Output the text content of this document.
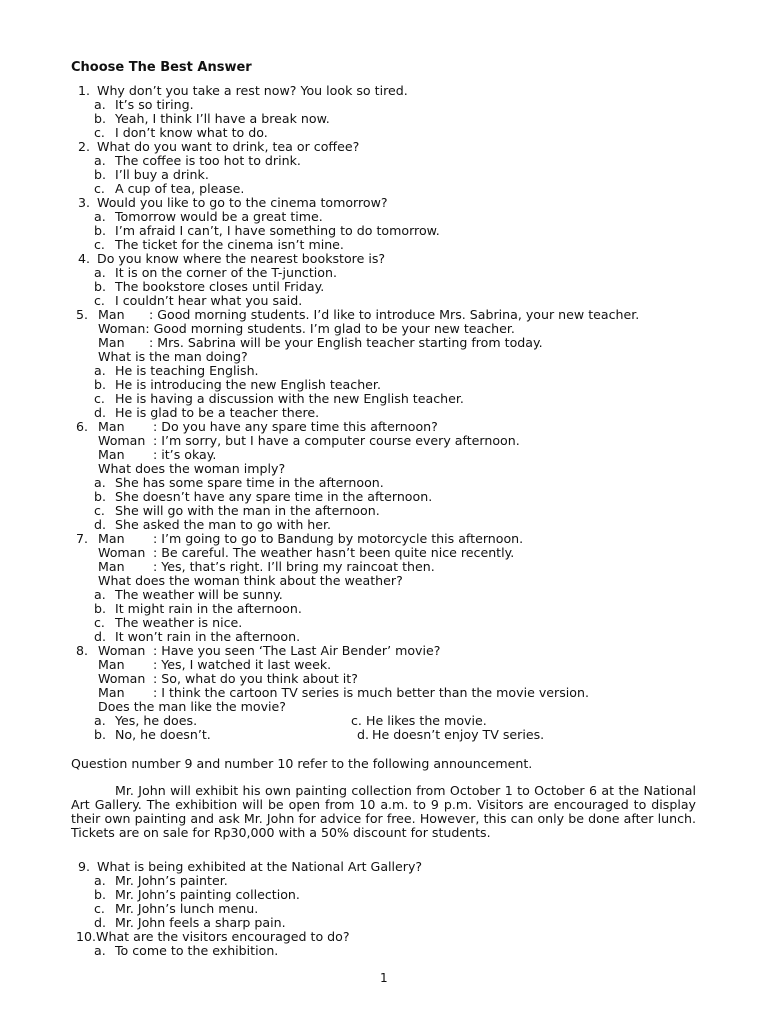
Choose The Best Answer
1. Why don’t you take a rest now? You look so tired.
a. It’s so tiring.
b. Yeah, I think I’ll have a break now.
c. I don’t know what to do.
2. What do you want to drink, tea or coffee?
a. The coffee is too hot to drink.
b. I’ll buy a drink.
c. A cup of tea, please.
3. Would you like to go to the cinema tomorrow?
a. Tomorrow would be a great time.
b. I’m afraid I can’t, I have something to do tomorrow.
c. The ticket for the cinema isn’t mine.
4. Do you know where the nearest bookstore is?
a. It is on the corner of the T-junction.
b. The bookstore closes until Friday.
c. I couldn’t hear what you said.
5. Man : Good morning students. I’d like to introduce Mrs. Sabrina, your new teacher.
Woman: Good morning students. I’m glad to be your new teacher.
Man : Mrs. Sabrina will be your English teacher starting from today.
What is the man doing?
a. He is teaching English.
b. He is introducing the new English teacher.
c. He is having a discussion with the new English teacher.
d. He is glad to be a teacher there.
6. Man : Do you have any spare time this afternoon?
Woman : I’m sorry, but I have a computer course every afternoon.
Man : it’s okay.
What does the woman imply?
a. She has some spare time in the afternoon.
b. She doesn’t have any spare time in the afternoon.
c. She will go with the man in the afternoon.
d. She asked the man to go with her.
7. Man : I’m going to go to Bandung by motorcycle this afternoon.
Woman : Be careful. The weather hasn’t been quite nice recently.
Man : Yes, that’s right. I’ll bring my raincoat then.
What does the woman think about the weather?
a. The weather will be sunny.
b. It might rain in the afternoon.
c. The weather is nice.
d. It won’t rain in the afternoon.
8. Woman : Have you seen ‘The Last Air Bender’ movie?
Man : Yes, I watched it last week.
Woman : So, what do you think about it?
Man : I think the cartoon TV series is much better than the movie version.
Does the man like the movie?
a. Yes, he does.	c. He likes the movie.
b. No, he doesn’t.	d. He doesn’t enjoy TV series.
Question number 9 and number 10 refer to the following announcement.
Mr. John will exhibit his own painting collection from October 1 to October 6 at the National Art Gallery. The exhibition will be open from 10 a.m. to 9 p.m. Visitors are encouraged to display their own painting and ask Mr. John for advice for free. However, this can only be done after lunch. Tickets are on sale for Rp30,000 with a 50% discount for students.
9. What is being exhibited at the National Art Gallery?
a. Mr. John’s painter.
b. Mr. John’s painting collection.
c. Mr. John’s lunch menu.
d. Mr. John feels a sharp pain.
10.What are the visitors encouraged to do?
a. To come to the exhibition.
1
